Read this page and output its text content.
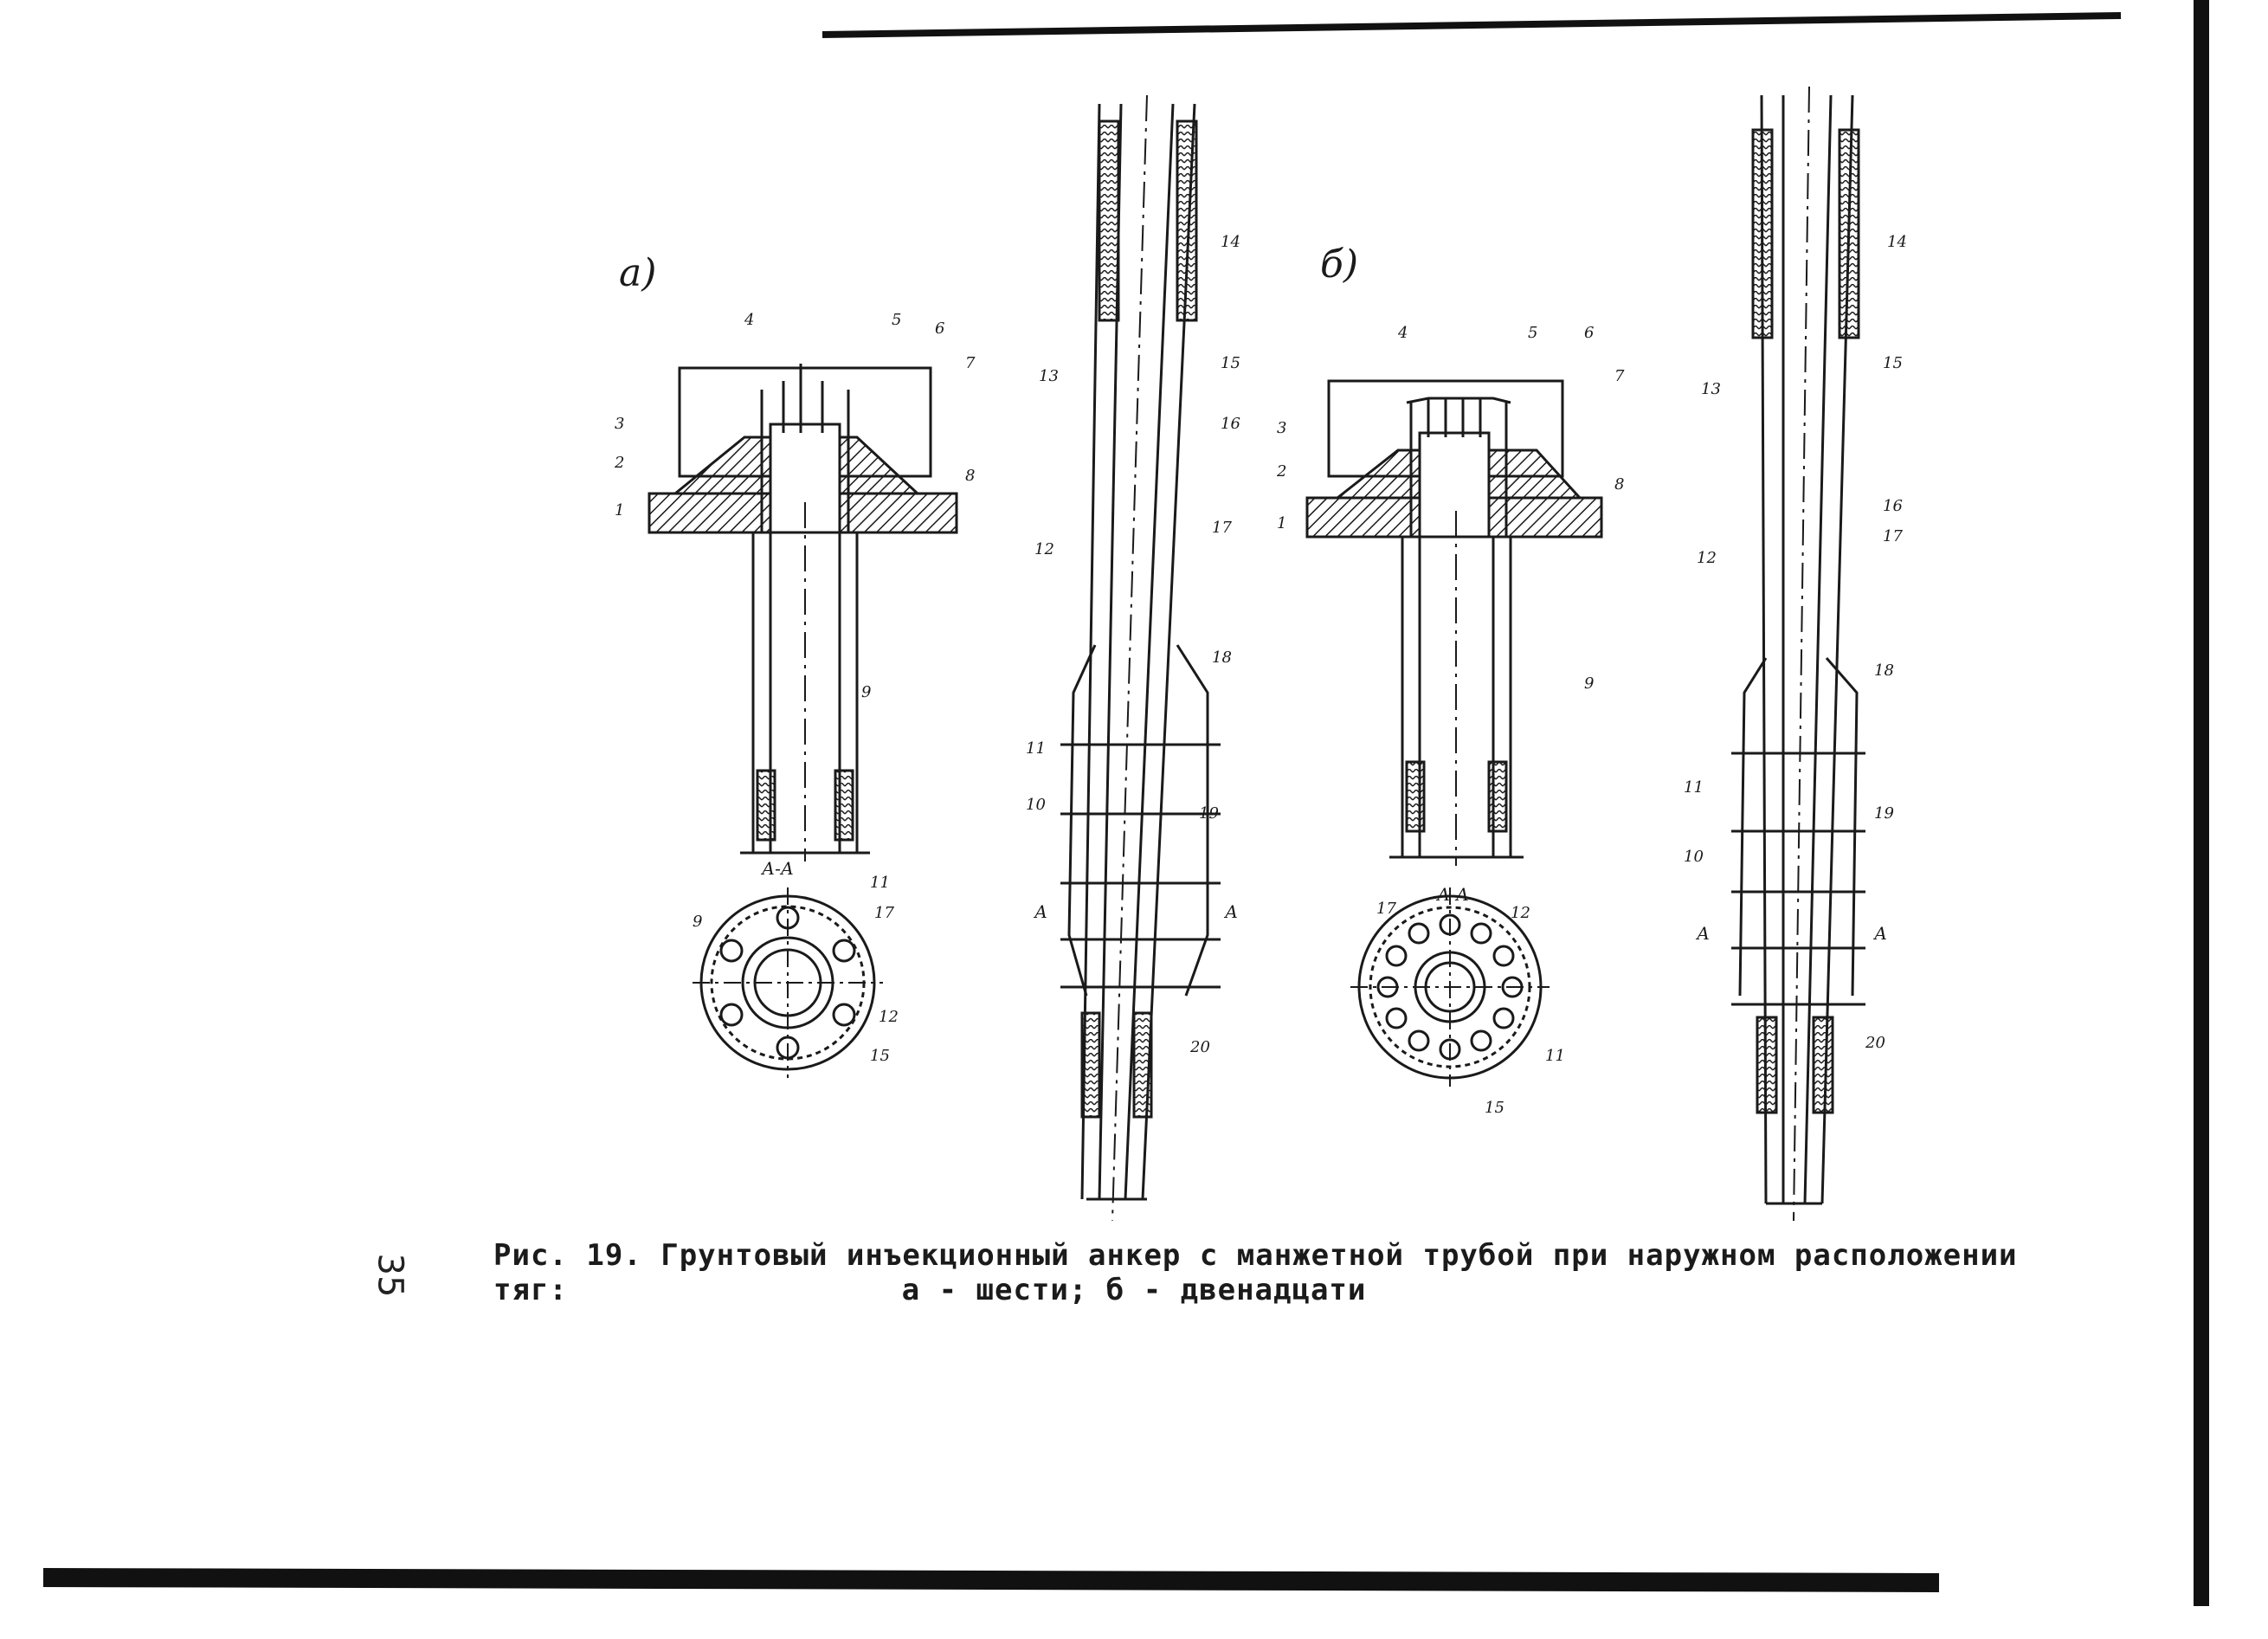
а)	б)
А-А
А-А
А	А
А	А
1
2
3
4	5 6
7
8
9
13
14
15
16
17
12
18
11
10	19
20
9
11
17
12
15
1
2
3
4	5	6
7
8
9
14
13
15
16
17
12
18
11
10
19
20
17	12
11
15
Рис. 19. Грунтовый инъекционный анкер с манжетной трубой при наружном расположении тяг:	а - шести; б - двенадцати
35
